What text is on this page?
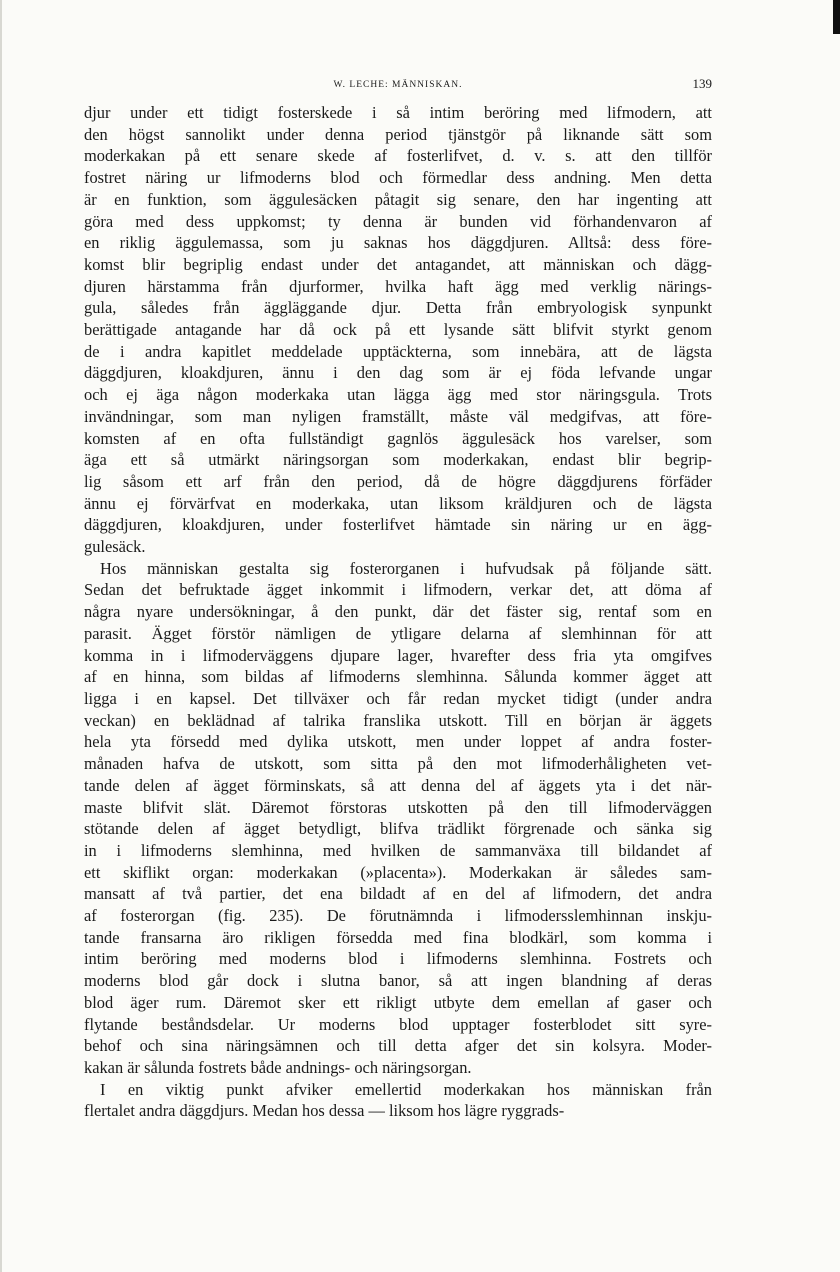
W. LECHE: MÄNNISKAN.	139
djur under ett tidigt fosterskede i så intim beröring med lifmodern, att
den högst sannolikt under denna period tjänstgör på liknande sätt som
moderkakan på ett senare skede af fosterlifvet, d. v. s. att den tillför
fostret näring ur lifmoderns blod och förmedlar dess andning. Men detta
är en funktion, som äggulesäcken påtagit sig senare, den har ingenting att
göra med dess uppkomst; ty denna är bunden vid förhandenvaron af
en riklig äggulemassa, som ju saknas hos däggdjuren. Alltså: dess före-
komst blir begriplig endast under det antagandet, att människan och dägg-
djuren härstamma från djurformer, hvilka haft ägg med verklig närings-
gula, således från äggläggande djur. Detta från embryologisk synpunkt
berättigade antagande har då ock på ett lysande sätt blifvit styrkt genom
de i andra kapitlet meddelade upptäckterna, som innebära, att de lägsta
däggdjuren, kloakdjuren, ännu i den dag som är ej föda lefvande ungar
och ej äga någon moderkaka utan lägga ägg med stor näringsgula. Trots
invändningar, som man nyligen framställt, måste väl medgifvas, att före-
komsten af en ofta fullständigt gagnlös äggulesäck hos varelser, som
äga ett så utmärkt näringsorgan som moderkakan, endast blir begrip-
lig såsom ett arf från den period, då de högre däggdjurens förfäder
ännu ej förvärfvat en moderkaka, utan liksom kräldjuren och de lägsta
däggdjuren, kloakdjuren, under fosterlifvet hämtade sin näring ur en ägg-
gulesäck.
Hos människan gestalta sig fosterorganen i hufvudsak på följande sätt.
Sedan det befruktade ägget inkommit i lifmodern, verkar det, att döma af
några nyare undersökningar, å den punkt, där det fäster sig, rentaf som en
parasit. Ägget förstör nämligen de ytligare delarna af slemhinnan för att
komma in i lifmoderväggens djupare lager, hvarefter dess fria yta omgifves
af en hinna, som bildas af lifmoderns slemhinna. Sålunda kommer ägget att
ligga i en kapsel. Det tillväxer och får redan mycket tidigt (under andra
veckan) en beklädnad af talrika franslika utskott. Till en början är äggets
hela yta försedd med dylika utskott, men under loppet af andra foster-
månaden hafva de utskott, som sitta på den mot lifmoderhåligheten vet-
tande delen af ägget förminskats, så att denna del af äggets yta i det när-
maste blifvit slät. Däremot förstoras utskotten på den till lifmoderväggen
stötande delen af ägget betydligt, blifva trädlikt förgrenade och sänka sig
in i lifmoderns slemhinna, med hvilken de sammanväxa till bildandet af
ett skiflikt organ: moderkakan (»placenta»). Moderkakan är således sam-
mansatt af två partier, det ena bildadt af en del af lifmodern, det andra
af fosterorgan (fig. 235). De förutnämnda i lifmodersslemhinnan inskju-
tande fransarna äro rikligen försedda med fina blodkärl, som komma i
intim beröring med moderns blod i lifmoderns slemhinna. Fostrets och
moderns blod går dock i slutna banor, så att ingen blandning af deras
blod äger rum. Däremot sker ett rikligt utbyte dem emellan af gaser och
flytande beståndsdelar. Ur moderns blod upptager fosterblodet sitt syre-
behof och sina näringsämnen och till detta afger det sin kolsyra. Moder-
kakan är sålunda fostrets både andnings- och näringsorgan.
I en viktig punkt afviker emellertid moderkakan hos människan från
flertalet andra däggdjurs. Medan hos dessa — liksom hos lägre ryggrads-
